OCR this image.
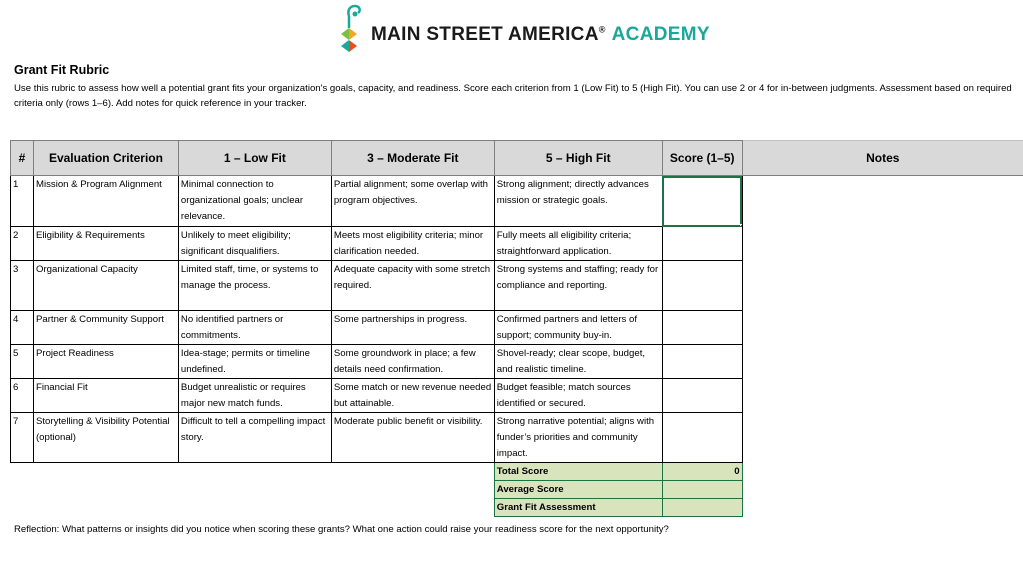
MAIN STREET AMERICA® ACADEMY
Grant Fit Rubric
Use this rubric to assess how well a potential grant fits your organization's goals, capacity, and readiness. Score each criterion from 1 (Low Fit) to 5 (High Fit). You can use 2 or 4 for in-between judgments. Assessment based on required criteria only (rows 1–6). Add notes for quick reference in your tracker.
#	Evaluation Criterion	1 – Low Fit	3 – Moderate Fit	5 – High Fit	Score (1–5)	Notes
1	Mission & Program Alignment	Minimal connection to organizational goals; unclear relevance.	Partial alignment; some overlap with program objectives.	Strong alignment; directly advances mission or strategic goals.	

2	Eligibility & Requirements	Unlikely to meet eligibility; significant disqualifiers.	Meets most eligibility criteria; minor clarification needed.	Fully meets all eligibility criteria; straightforward application.		
3	Organizational Capacity	Limited staff, time, or systems to manage the process.	Adequate capacity with some stretch required.	Strong systems and staffing; ready for compliance and reporting.		
4	Partner & Community Support	No identified partners or commitments.	Some partnerships in progress.	Confirmed partners and letters of support; community buy-in.		
5	Project Readiness	Idea-stage; permits or timeline undefined.	Some groundwork in place; a few details need confirmation.	Shovel-ready; clear scope, budget, and realistic timeline.		
6	Financial Fit	Budget unrealistic or requires major new match funds.	Some match or new revenue needed but attainable.	Budget feasible; match sources identified or secured.		
7	Storytelling & Visibility Potential (optional)	Difficult to tell a compelling impact story.	Moderate public benefit or visibility.	Strong narrative potential; aligns with funder’s priorities and community impact.		
				Total Score	0	
				Average Score		
				Grant Fit Assessment		
Reflection: What patterns or insights did you notice when scoring these grants? What one action could raise your readiness score for the next opportunity?
